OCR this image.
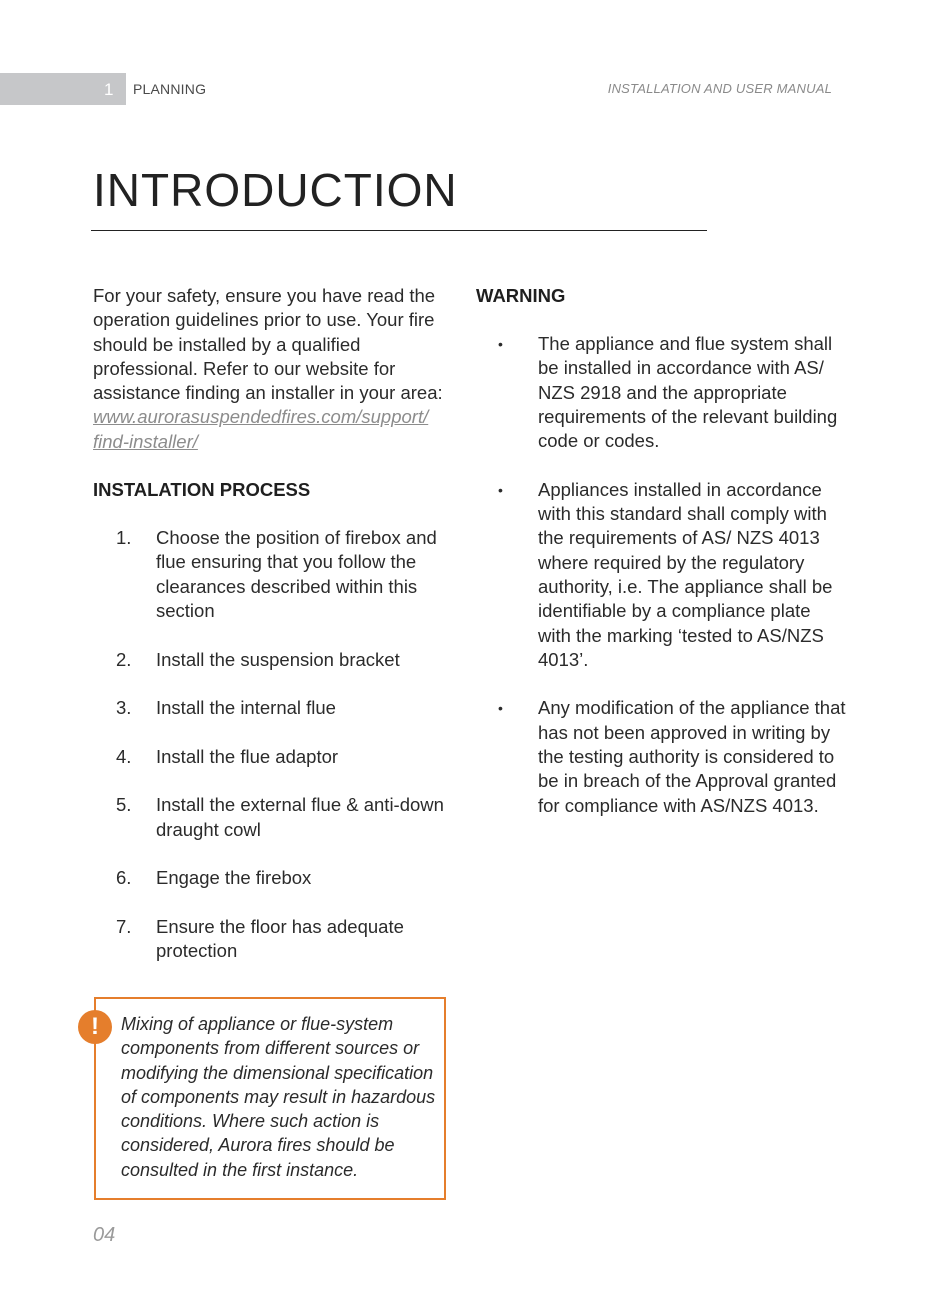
1 PLANNING	INSTALLATION AND USER MANUAL
INTRODUCTION

For your safety, ensure you have read the operation guidelines prior to use. Your fire should be installed by a qualified professional. Refer to our website for assistance finding an installer in your area:
www.aurorasuspendedfires.com/support/
find-installer/

INSTALATION PROCESS
1. Choose the position of firebox and flue ensuring that you follow the clearances described within this section
2. Install the suspension bracket
3. Install the internal flue
4. Install the flue adaptor
5. Install the external flue & anti-down draught cowl
6. Engage the firebox
7. Ensure the floor has adequate protection
!	Mixing of appliance or flue-system components from different sources or modifying the dimensional specification of components may result in hazardous conditions. Where such action is considered, Aurora fires should be consulted in the first instance.

WARNING
• The appliance and flue system shall be installed in accordance with AS/ NZS 2918 and the appropriate requirements of the relevant building code or codes.
• Appliances installed in accordance with this standard shall comply with the requirements of AS/ NZS 4013 where required by the regulatory authority, i.e. The appliance shall be identifiable by a compliance plate with the marking ‘tested to AS/NZS 4013’.
• Any modification of the appliance that has not been approved in writing by the testing authority is considered to be in breach of the Approval granted for compliance with AS/NZS 4013.
04
